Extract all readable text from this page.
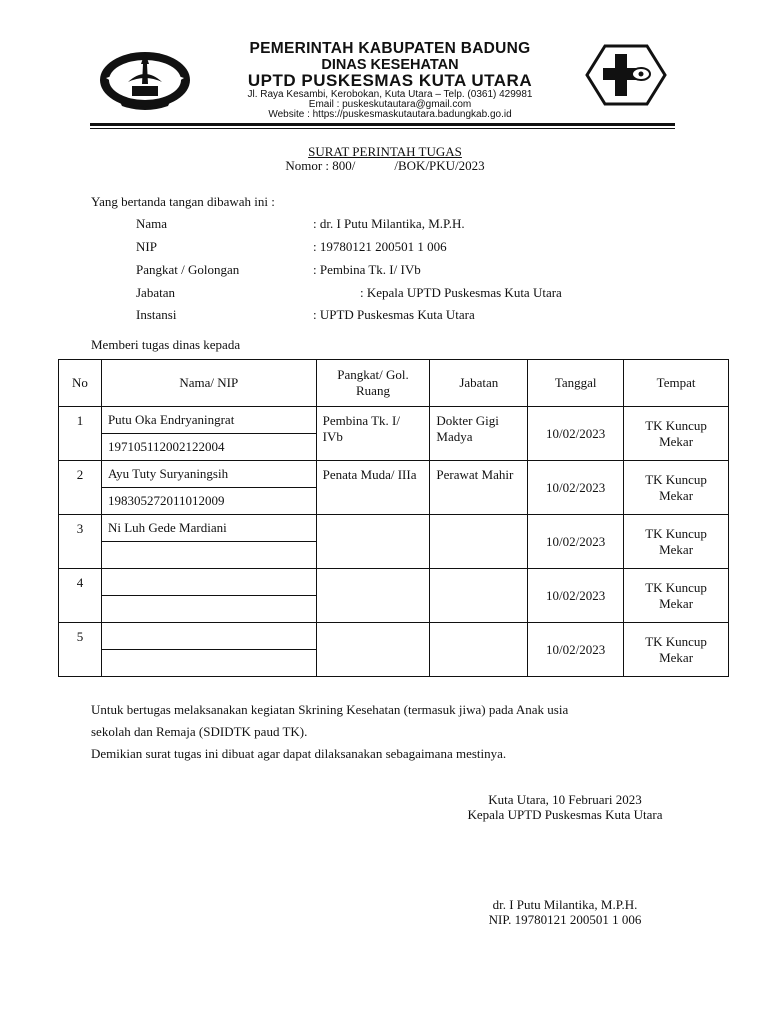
PEMERINTAH KABUPATEN BADUNG
DINAS KESEHATAN
UPTD PUSKESMAS KUTA UTARA
Jl. Raya Kesambi, Kerobokan, Kuta Utara – Telp. (0361) 429981
Email : puskeskutautara@gmail.com
Website : https://puskesmaskutautara.badungkab.go.id
SURAT PERINTAH TUGAS
Nomor : 800/            /BOK/PKU/2023
Yang bertanda tangan dibawah ini :
Nama	: dr. I Putu Milantika, M.P.H.
NIP	: 19780121 200501 1 006
Pangkat / Golongan	: Pembina Tk. I/ IVb
Jabatan	: Kepala UPTD Puskesmas Kuta Utara
Instansi	: UPTD Puskesmas Kuta Utara
Memberi tugas dinas kepada
No	Nama/ NIP	Pangkat/ Gol.
Ruang	Jabatan	Tanggal	Tempat
1	Putu Oka Endryaningrat	Pembina Tk. I/ IVb	Dokter Gigi Madya	10/02/2023	TK Kuncup Mekar
	197105112002122004				
2	Ayu Tuty Suryaningsih	Penata Muda/ IIIa	Perawat Mahir	10/02/2023	TK Kuncup Mekar
	198305272011012009				
3	Ni Luh Gede Mardiani			10/02/2023	TK Kuncup Mekar

4				10/02/2023	TK Kuncup Mekar

5				10/02/2023	TK Kuncup Mekar

Untuk bertugas melaksanakan kegiatan Skrining Kesehatan (termasuk jiwa) pada Anak usia
sekolah dan Remaja (SDIDTK paud TK).
Demikian surat tugas ini dibuat agar dapat dilaksanakan sebagaimana mestinya.
Kuta Utara, 10 Februari 2023
Kepala UPTD Puskesmas Kuta Utara
dr. I Putu Milantika, M.P.H.
NIP. 19780121 200501 1 006
